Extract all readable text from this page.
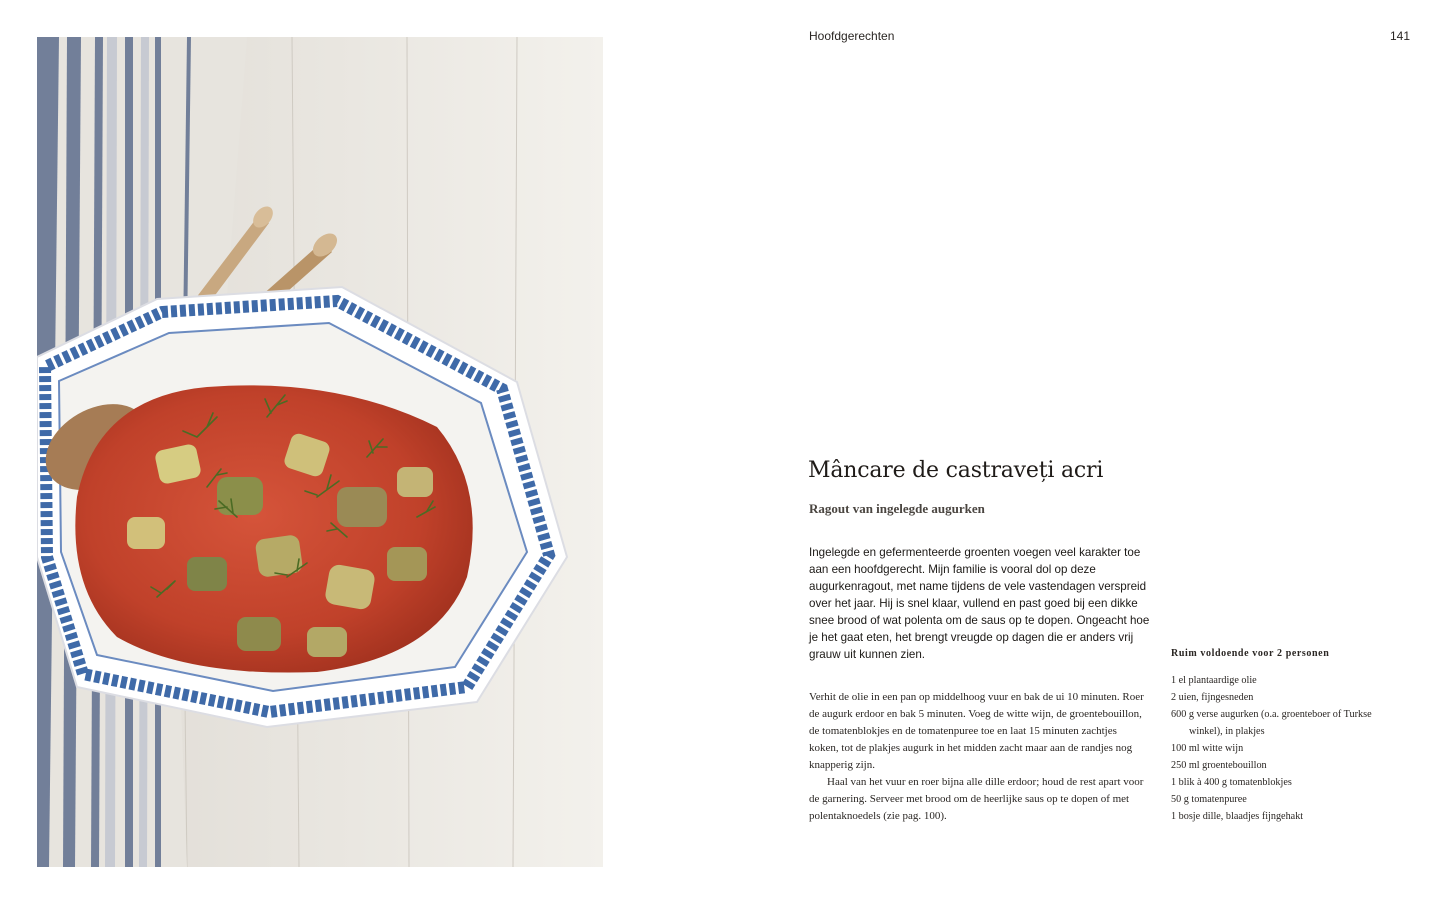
Hoofdgerechten	141
Mâncare de castraveți acri
Ragout van ingelegde augurken

Ingelegde en gefermenteerde groenten voegen veel karakter toe aan een hoofdgerecht. Mijn familie is vooral dol op deze augurkenragout, met name tijdens de vele vastendagen verspreid over het jaar. Hij is snel klaar, vullend en past goed bij een dikke snee brood of wat polenta om de saus op te dopen. Ongeacht hoe je het gaat eten, het brengt vreugde op dagen die er anders vrij grauw uit kunnen zien.

Verhit de olie in een pan op middelhoog vuur en bak de ui 10 minuten. Roer de augurk erdoor en bak 5 minuten. Voeg de witte wijn, de groentebouillon, de tomatenblokjes en de tomatenpuree toe en laat 15 minuten zachtjes koken, tot de plakjes augurk in het midden zacht maar aan de randjes nog knapperig zijn.

Haal van het vuur en roer bijna alle dille erdoor; houd de rest apart voor de garnering. Serveer met brood om de heerlijke saus op te dopen of met polentaknoedels (zie pag. 100).

Ruim voldoende voor 2 personen

1 el plantaardige olie
2 uien, fijngesneden
600 g verse augurken (o.a. groenteboer of Turkse winkel), in plakjes
100 ml witte wijn
250 ml groentebouillon
1 blik à 400 g tomatenblokjes
50 g tomatenpuree
1 bosje dille, blaadjes fijngehakt
